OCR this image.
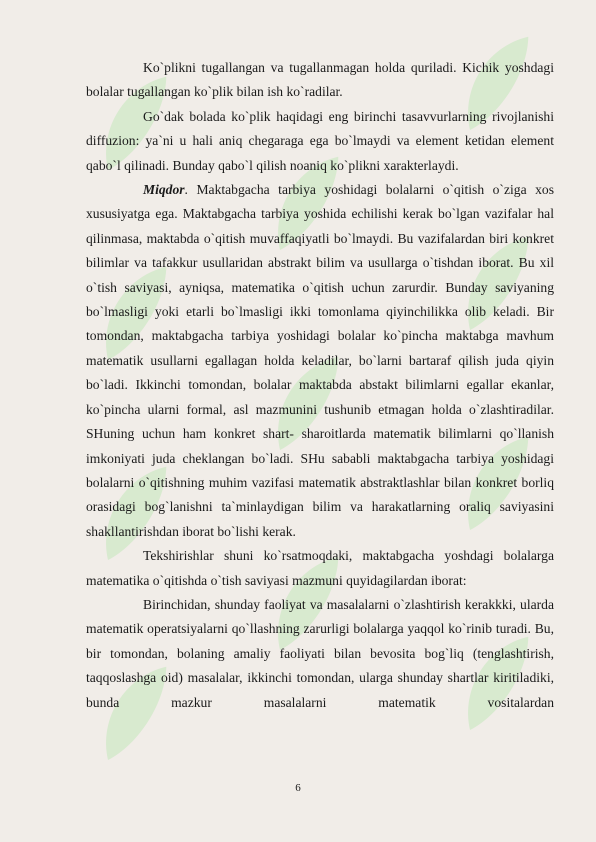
Ko`plikni tugallangan va tugallanmagan holda quriladi. Kichik yoshdagi bolalar tugallangan ko`plik bilan ish ko`radilar.

Go`dak bolada ko`plik haqidagi eng birinchi tasavvurlarning rivojlanishi diffuzion: ya`ni u hali aniq chegaraga ega bo`lmaydi va element ketidan element qabo`l qilinadi. Bunday qabo`l qilish noaniq ko`plikni xarakterlaydi.

Miqdor. Maktabgacha tarbiya yoshidagi bolalarni o`qitish o`ziga xos xususiyatga ega. Maktabgacha tarbiya yoshida echilishi kerak bo`lgan vazifalar hal qilinmasa, maktabda o`qitish muvaffaqiyatli bo`lmaydi. Bu vazifalardan biri konkret bilimlar va tafakkur usullaridan abstrakt bilim va usullarga o`tishdan iborat. Bu xil o`tish saviyasi, ayniqsa, matematika o`qitish uchun zarurdir. Bunday saviyaning bo`lmasligi yoki etarli bo`lmasligi ikki tomonlama qiyinchilikka olib keladi. Bir tomondan, maktabgacha tarbiya yoshidagi bolalar ko`pincha maktabga mavhum matematik usullarni egallagan holda keladilar, bo`larni bartaraf qilish juda qiyin bo`ladi. Ikkinchi tomondan, bolalar maktabda abstakt bilimlarni egallar ekanlar, ko`pincha ularni formal, asl mazmunini tushunib etmagan holda o`zlashtiradilar. SHuning uchun ham konkret shart- sharoitlarda matematik bilimlarni qo`llanish imkoniyati juda cheklangan bo`ladi. SHu sababli maktabgacha tarbiya yoshidagi bolalarni o`qitishning muhim vazifasi matematik abstraktlashlar bilan konkret borliq orasidagi bog`lanishni ta`minlaydigan bilim va harakatlarning oraliq saviyasini shakllantirishdan iborat bo`lishi kerak.

Tekshirishlar shuni ko`rsatmoqdaki, maktabgacha yoshdagi bolalarga matematika o`qitishda o`tish saviyasi mazmuni quyidagilardan iborat:

Birinchidan, shunday faoliyat va masalalarni o`zlashtirish kerakkki, ularda matematik operatsiyalarni qo`llashning zarurligi bolalarga yaqqol ko`rinib turadi. Bu, bir tomondan, bolaning amaliy faoliyati bilan bevosita bog`liq (tenglashtirish, taqqoslashga oid) masalalar, ikkinchi tomondan, ularga shunday shartlar kiritiladiki, bunda mazkur masalalarni matematik vositalardan

6
